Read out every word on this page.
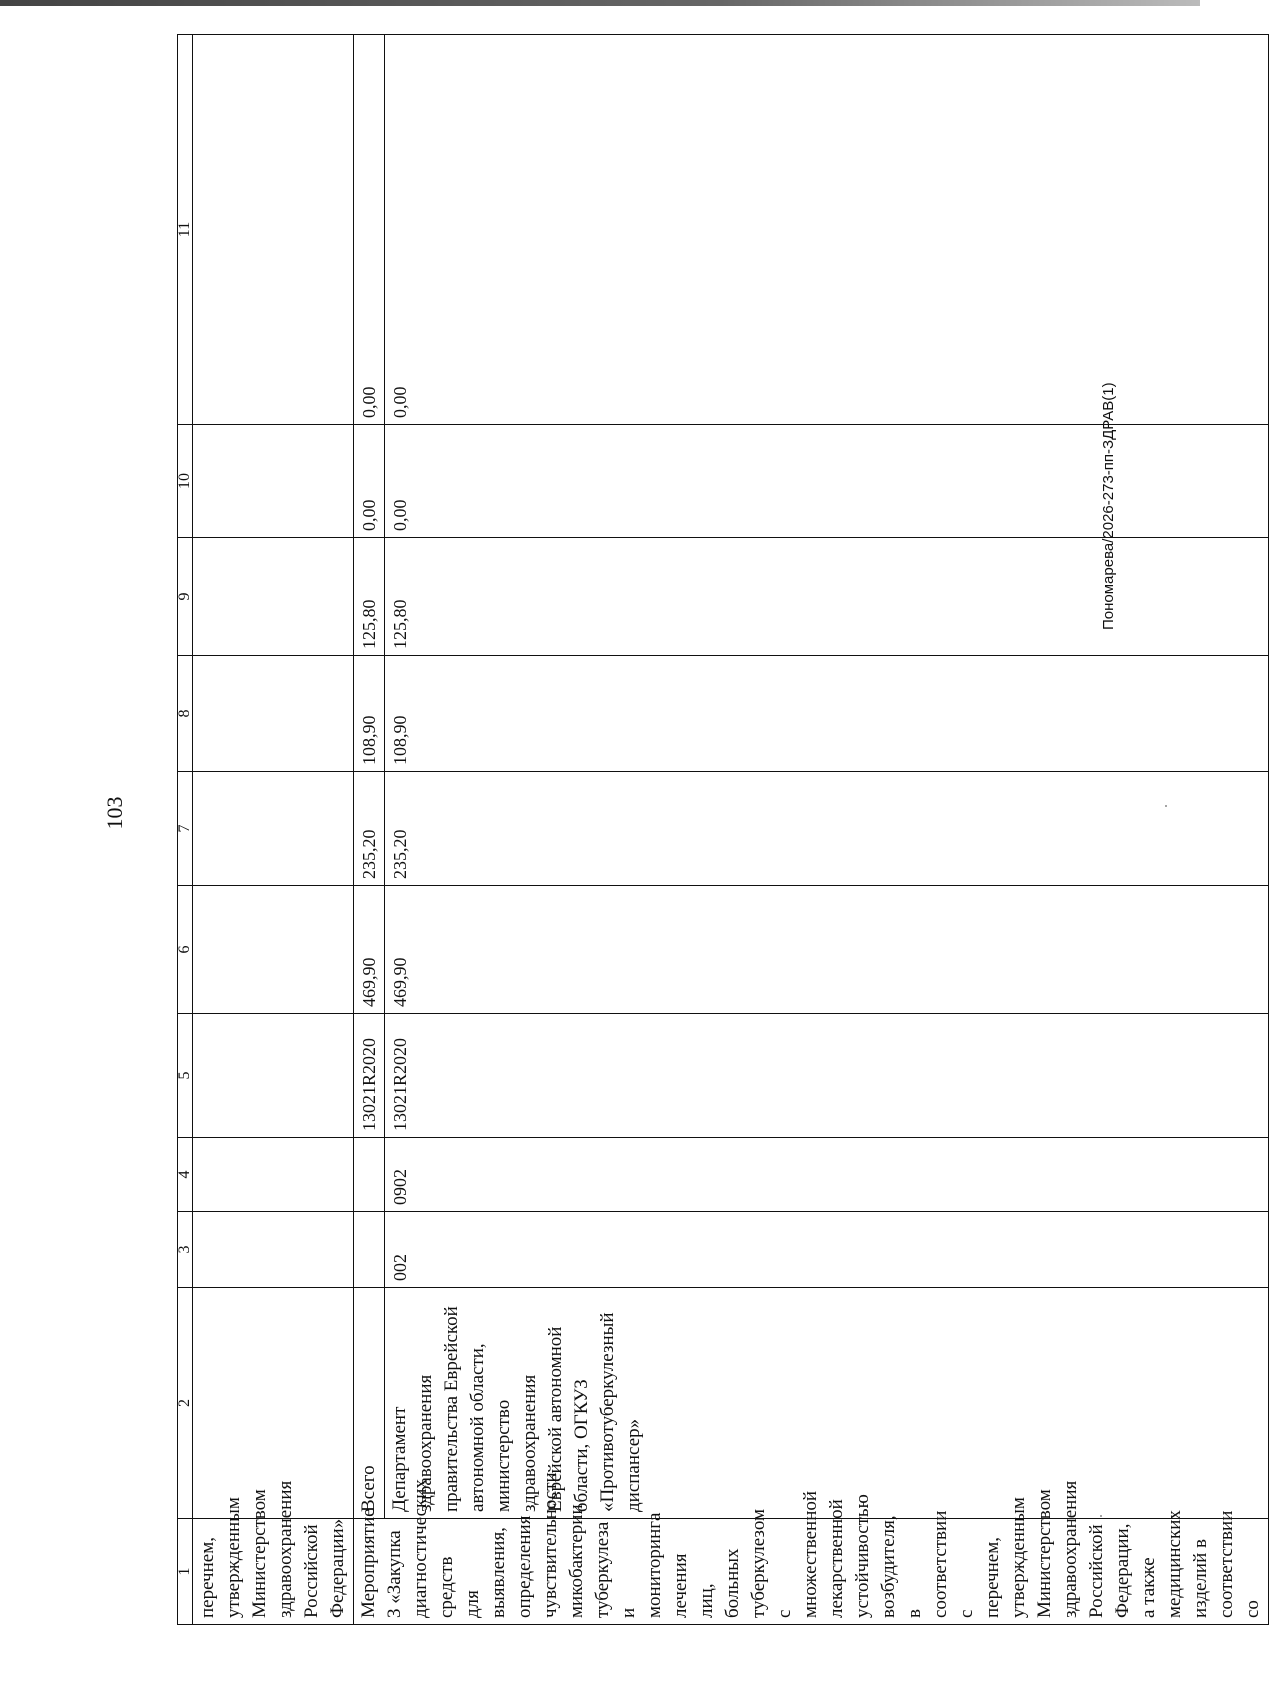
103
Пономарева/2026-273-пп-ЗДРАВ(1)
1	2	3	4	5	6	7	8	9	10	11
перечнем, утвержденным Министерством здравоохранения Российской Федерации»										
Мероприятие 3 «Закупка диагностических средств для выявления, определения чувствительности микобактерии туберкулеза и мониторинга лечения лиц, больных туберкулезом с множественной лекарственной устойчивостью возбудителя, в соответствии с перечнем, утвержденным Министерством здравоохранения Российской Федерации, а также медицинских изделий в соответствии со	Всего			13021R2020	469,90	235,20	108,90	125,80	0,00	0,00
	Департамент здравоохранения правительства Еврейской автономной области, министерство здравоохранения Еврейской автономной области, ОГКУЗ «Противотуберкулезный диспансер»	002	0902	13021R2020	469,90	235,20	108,90	125,80	0,00	0,00
